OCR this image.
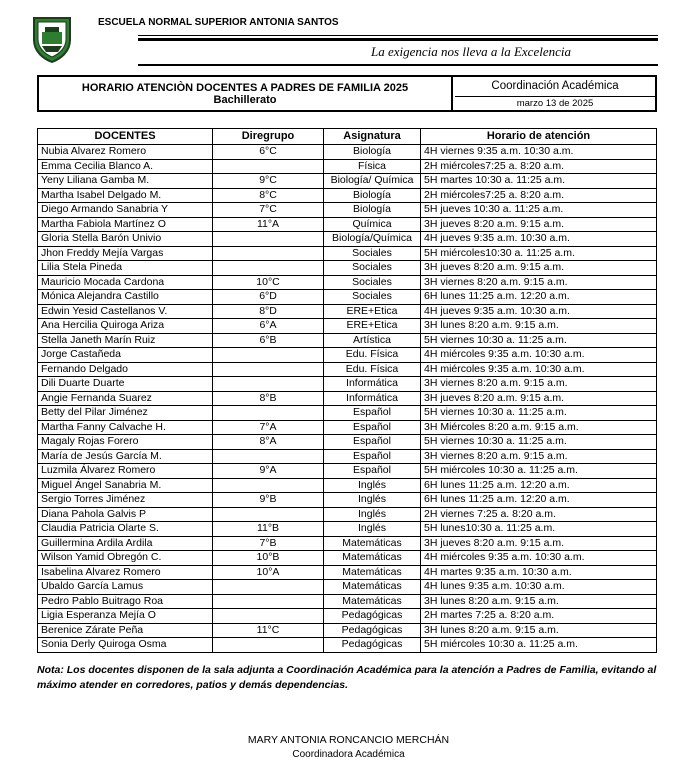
ESCUELA NORMAL SUPERIOR ANTONIA SANTOS
La exigencia nos lleva a la Excelencia
HORARIO ATENCIÒN DOCENTES A PADRES DE FAMILIA 2025
Bachillerato
Coordinación Académica
marzo 13 de 2025
DOCENTES	Diregrupo	Asignatura	Horario de atención
Nubia Alvarez Romero	6°C	Biología	4H viernes 9:35 a.m. 10:30 a.m.
Emma Cecilia Blanco A.		Física	2H miércoles7:25 a. 8:20 a.m.
Yeny Liliana Gamba M.	9°C	Biología/ Química	5H martes 10:30 a. 11:25 a.m.
Martha Isabel Delgado M.	8°C	Biología	2H miércoles7:25 a. 8:20 a.m.
Diego Armando Sanabria Y	7°C	Biología	5H jueves 10:30 a. 11:25 a.m.
Martha Fabiola Martínez O	11°A	Química	3H jueves 8:20 a.m. 9:15 a.m.
Gloria Stella Barón Univio		Biología/Química	4H jueves 9:35 a.m. 10:30 a.m.
Jhon Freddy Mejía Vargas		Sociales	5H miércoles10:30 a. 11:25 a.m.
Lilia Stela Pineda		Sociales	3H jueves 8:20 a.m. 9:15 a.m.
Mauricio Mocada Cardona	10°C	Sociales	3H viernes 8:20 a.m. 9:15 a.m.
Mónica Alejandra Castillo	6°D	Sociales	6H lunes 11:25 a.m. 12:20 a.m.
Edwin Yesid Castellanos V.	8°D	ERE+Etica	4H jueves 9:35 a.m. 10:30 a.m.
Ana Hercilia Quiroga Ariza	6°A	ERE+Etica	3H lunes 8:20 a.m. 9:15 a.m.
Stella Janeth Marín Ruiz	6°B	Artística	5H viernes 10:30 a. 11:25 a.m.
Jorge Castañeda		Edu. Física	4H miércoles 9:35 a.m. 10:30 a.m.
Fernando Delgado		Edu. Física	4H miércoles 9:35 a.m. 10:30 a.m.
Dili Duarte Duarte		Informática	3H viernes 8:20 a.m. 9:15 a.m.
Angie Fernanda Suarez	8°B	Informática	3H jueves 8:20 a.m. 9:15 a.m.
Betty del Pilar Jiménez		Español	5H viernes 10:30 a. 11:25 a.m.
Martha Fanny Calvache H.	7°A	Español	3H Miércoles 8:20 a.m. 9:15 a.m.
Magaly Rojas Forero	8°A	Español	5H viernes 10:30 a. 11:25 a.m.
María de Jesús García M.		Español	3H viernes 8:20 a.m. 9:15 a.m.
Luzmila Álvarez Romero	9°A	Español	5H miércoles 10:30 a. 11:25 a.m.
Miguel Ángel Sanabria M.		Inglés	6H lunes 11:25 a.m. 12:20 a.m.
Sergio Torres Jiménez	9°B	Inglés	6H lunes 11:25 a.m. 12:20 a.m.
Diana Pahola Galvis P		Inglés	2H viernes 7:25 a. 8:20 a.m.
Claudia Patricia Olarte S.	11°B	Inglés	5H lunes10:30 a. 11:25 a.m.
Guillermina Ardila Ardila	7°B	Matemáticas	3H jueves 8:20 a.m. 9:15 a.m.
Wilson Yamid Obregón C.	10°B	Matemáticas	4H miércoles 9:35 a.m. 10:30 a.m.
Isabelina Alvarez Romero	10°A	Matemáticas	4H martes 9:35 a.m. 10:30 a.m.
Ubaldo García Lamus		Matemáticas	4H lunes 9:35 a.m. 10:30 a.m.
Pedro Pablo Buitrago Roa		Matemáticas	3H lunes 8:20 a.m. 9:15 a.m.
Ligia Esperanza Mejía O		Pedagógicas	2H martes 7:25 a. 8:20 a.m.
Berenice Zárate Peña	11°C	Pedagógicas	3H lunes 8:20 a.m. 9:15 a.m.
Sonia Derly Quiroga Osma		Pedagógicas	5H miércoles 10:30 a. 11:25 a.m.
Nota: Los docentes disponen de la sala adjunta a Coordinación Académica para la atención a Padres de Familia, evitando al máximo atender en corredores, patios y demás dependencias.
MARY ANTONIA RONCANCIO MERCHÁN
Coordinadora Académica
